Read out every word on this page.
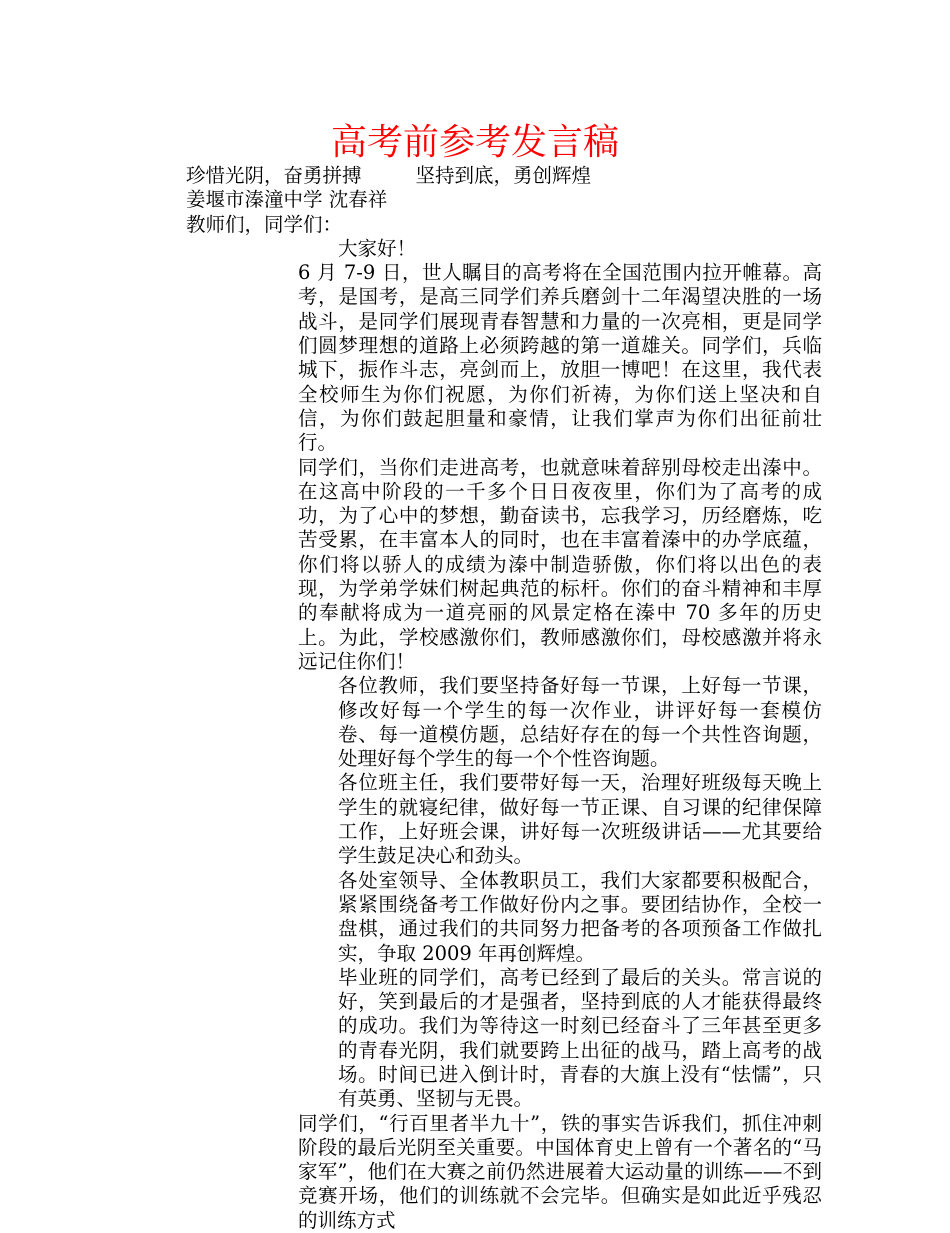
高考前参考发言稿

珍惜光阴，奋勇拼搏	坚持到底，勇创辉煌

姜堰市溱潼中学 沈春祥

教师们，同学们：

大家好！

6 月 7-9 日，世人瞩目的高考将在全国范围内拉开帷幕。高考，是国考，是高三同学们养兵磨剑十二年渴望决胜的一场战斗，是同学们展现青春智慧和力量的一次亮相，更是同学们圆梦理想的道路上必须跨越的第一道雄关。同学们，兵临城下，振作斗志，亮剑而上，放胆一博吧！在这里，我代表全校师生为你们祝愿，为你们祈祷，为你们送上坚决和自信，为你们鼓起胆量和豪情，让我们掌声为你们出征前壮行。

同学们，当你们走进高考，也就意味着辞别母校走出溱中。在这高中阶段的一千多个日日夜夜里，你们为了高考的成功，为了心中的梦想，勤奋读书，忘我学习，历经磨炼，吃苦受累，在丰富本人的同时，也在丰富着溱中的办学底蕴，你们将以骄人的成绩为溱中制造骄傲，你们将以出色的表现，为学弟学妹们树起典范的标杆。你们的奋斗精神和丰厚的奉献将成为一道亮丽的风景定格在溱中 70 多年的历史上。为此，学校感激你们，教师感激你们，母校感激并将永远记住你们！

各位教师，我们要坚持备好每一节课，上好每一节课，修改好每一个学生的每一次作业，讲评好每一套模仿卷、每一道模仿题，总结好存在的每一个共性咨询题，处理好每个学生的每一个个性咨询题。

各位班主任，我们要带好每一天，治理好班级每天晚上学生的就寝纪律，做好每一节正课、自习课的纪律保障工作，上好班会课，讲好每一次班级讲话——尤其要给学生鼓足决心和劲头。

各处室领导、全体教职员工，我们大家都要积极配合，紧紧围绕备考工作做好份内之事。要团结协作，全校一盘棋，通过我们的共同努力把备考的各项预备工作做扎实，争取 2009 年再创辉煌。

毕业班的同学们，高考已经到了最后的关头。常言说的好，笑到最后的才是强者，坚持到底的人才能获得最终的成功。我们为等待这一时刻已经奋斗了三年甚至更多的青春光阴，我们就要跨上出征的战马，踏上高考的战场。时间已进入倒计时，青春的大旗上没有“怯懦”，只有英勇、坚韧与无畏。

同学们，“行百里者半九十”，铁的事实告诉我们，抓住冲刺阶段的最后光阴至关重要。中国体育史上曾有一个著名的“马家军”，他们在大赛之前仍然进展着大运动量的训练——不到竞赛开场，他们的训练就不会完毕。但确实是如此近乎残忍的训练方式
